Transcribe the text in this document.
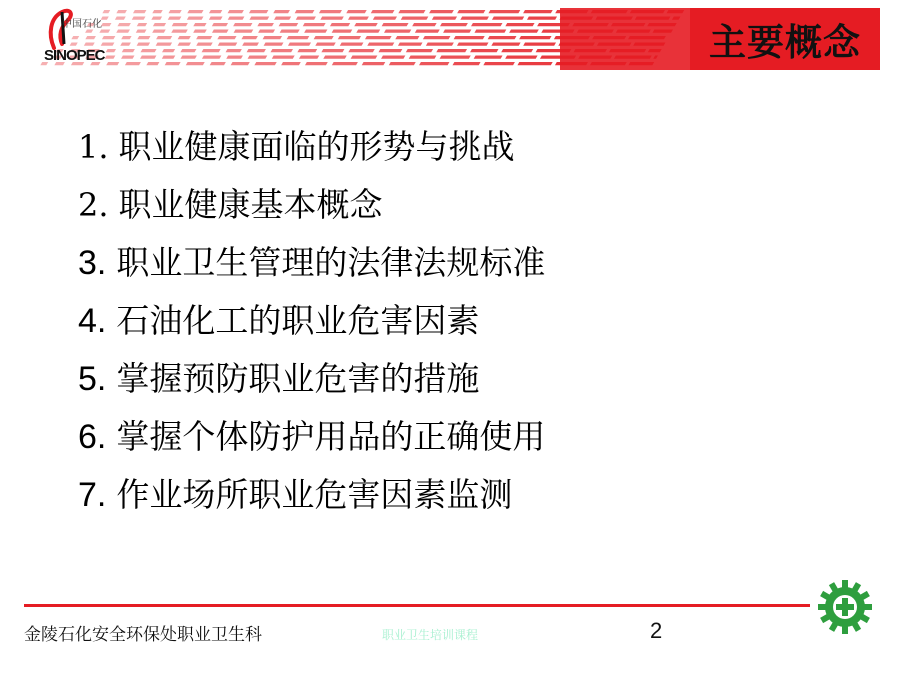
主要概念
中国石化
SINOPEC
1. 职业健康面临的形势与挑战
2. 职业健康基本概念
3. 职业卫生管理的法律法规标准
4. 石油化工的职业危害因素
5. 掌握预防职业危害的措施
6. 掌握个体防护用品的正确使用
7. 作业场所职业危害因素监测
金陵石化安全环保处职业卫生科	职业卫生培训课程	2
